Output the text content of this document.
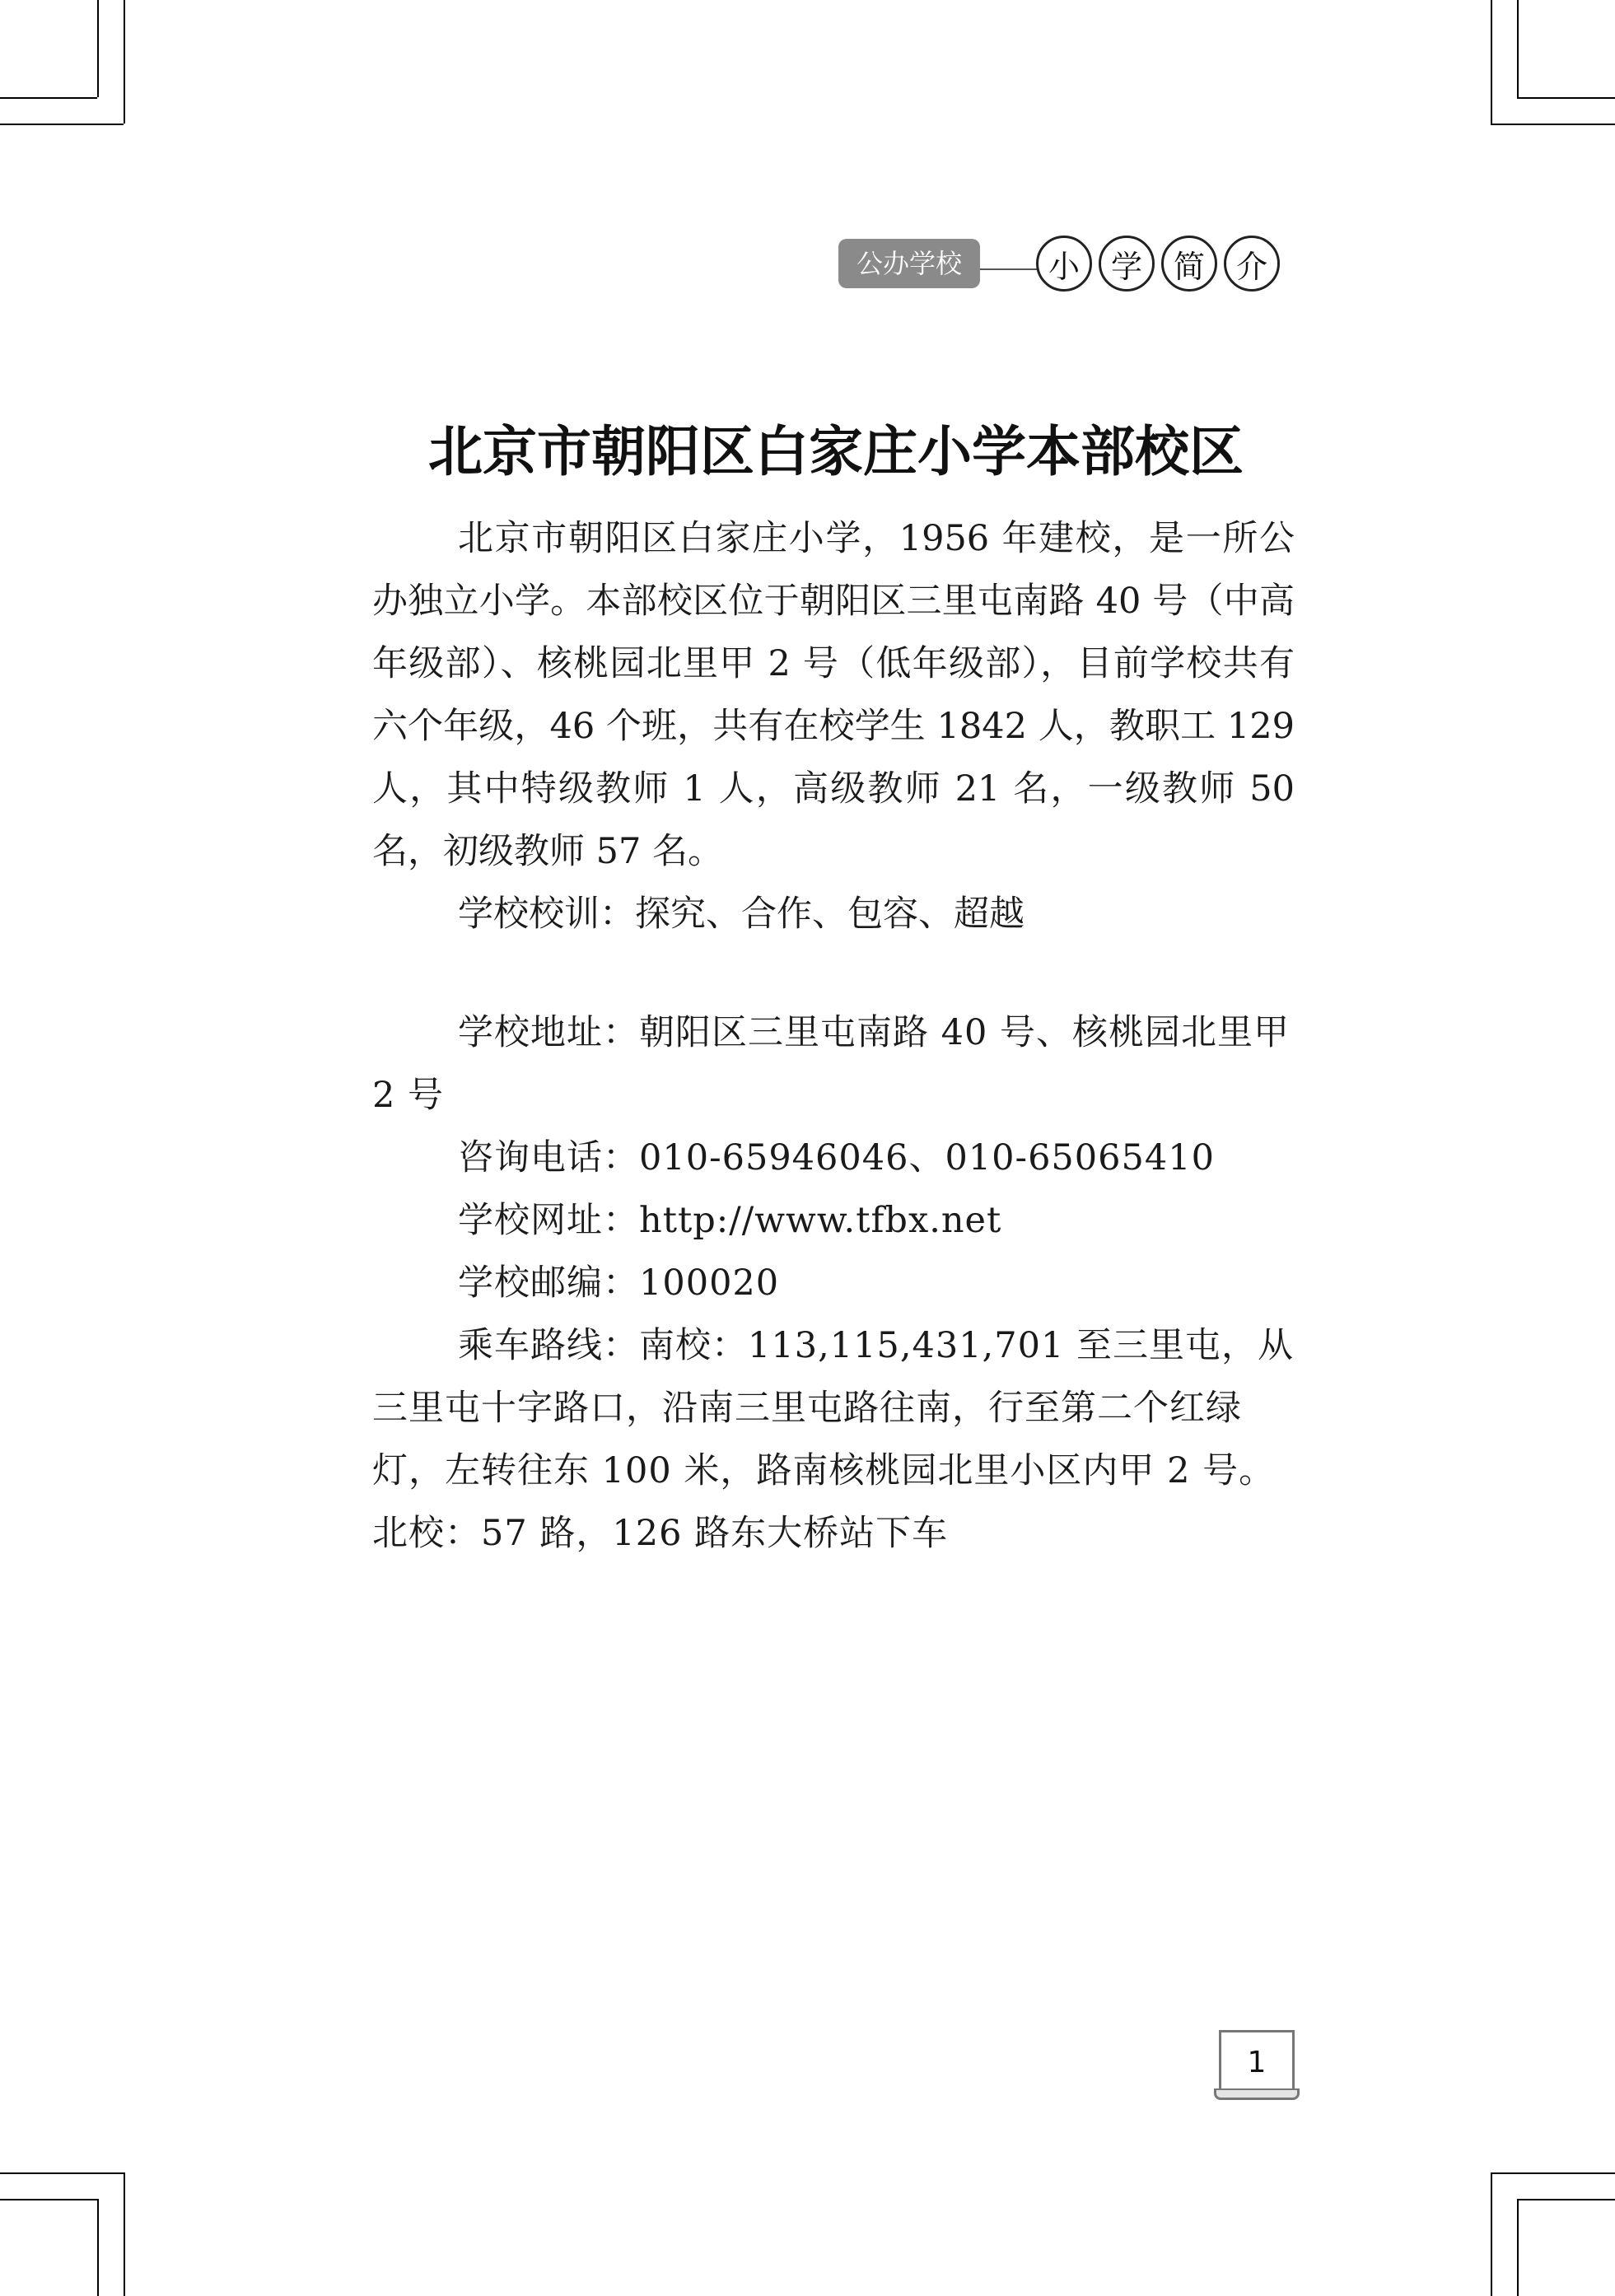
公办学校	小 学 简 介
北京市朝阳区白家庄小学本部校区

北京市朝阳区白家庄小学，1956 年建校，是一所公办独立小学。本部校区位于朝阳区三里屯南路 40 号（中高年级部）、核桃园北里甲 2 号（低年级部），目前学校共有六个年级，46 个班，共有在校学生 1842 人，教职工 129 人，其中特级教师 1 人，高级教师 21 名，一级教师 50 名，初级教师 57 名。

学校校训：探究、合作、包容、超越

学校地址：朝阳区三里屯南路 40 号、核桃园北里甲 2 号

咨询电话：010-65946046、010-65065410

学校网址：http://www.tfbx.net

学校邮编：100020

乘车路线：南校：113,115,431,701 至三里屯，从三里屯十字路口，沿南三里屯路往南，行至第二个红绿灯，左转往东 100 米，路南核桃园北里小区内甲 2 号。北校：57 路，126 路东大桥站下车

1
